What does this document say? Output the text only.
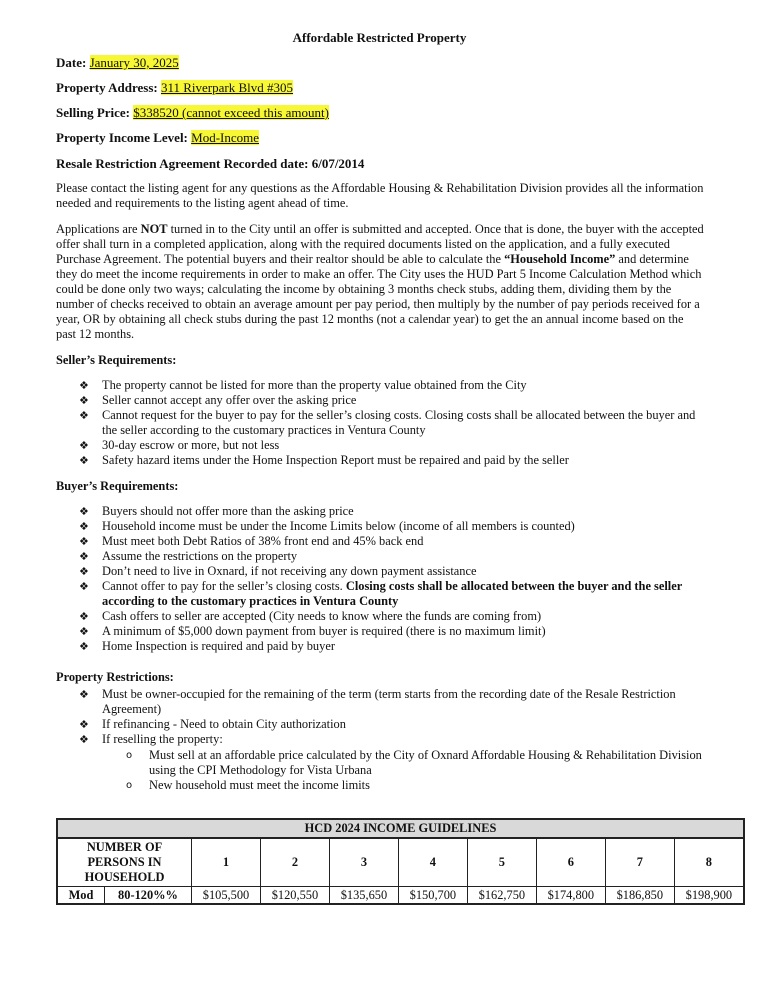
Affordable Restricted Property
Date: January 30, 2025
Property Address: 311 Riverpark Blvd #305
Selling Price: $338520 (cannot exceed this amount)
Property Income Level: Mod-Income
Resale Restriction Agreement Recorded date: 6/07/2014
Please contact the listing agent for any questions as the Affordable Housing & Rehabilitation Division provides all the information needed and requirements to the listing agent ahead of time.
Applications are NOT turned in to the City until an offer is submitted and accepted. Once that is done, the buyer with the accepted offer shall turn in a completed application, along with the required documents listed on the application, and a fully executed Purchase Agreement. The potential buyers and their realtor should be able to calculate the “Household Income” and determine they do meet the income requirements in order to make an offer. The City uses the HUD Part 5 Income Calculation Method which could be done only two ways; calculating the income by obtaining 3 months check stubs, adding them, dividing them by the number of checks received to obtain an average amount per pay period, then multiply by the number of pay periods received for a year, OR by obtaining all check stubs during the past 12 months (not a calendar year) to get the an annual income based on the past 12 months.
Seller’s Requirements:
❖ The property cannot be listed for more than the property value obtained from the City
❖ Seller cannot accept any offer over the asking price
❖ Cannot request for the buyer to pay for the seller’s closing costs. Closing costs shall be allocated between the buyer and the seller according to the customary practices in Ventura County
❖ 30-day escrow or more, but not less
❖ Safety hazard items under the Home Inspection Report must be repaired and paid by the seller
Buyer’s Requirements:
❖ Buyers should not offer more than the asking price
❖ Household income must be under the Income Limits below (income of all members is counted)
❖ Must meet both Debt Ratios of 38% front end and 45% back end
❖ Assume the restrictions on the property
❖ Don’t need to live in Oxnard, if not receiving any down payment assistance
❖ Cannot offer to pay for the seller’s closing costs. Closing costs shall be allocated between the buyer and the seller according to the customary practices in Ventura County
❖ Cash offers to seller are accepted (City needs to know where the funds are coming from)
❖ A minimum of $5,000 down payment from buyer is required (there is no maximum limit)
❖ Home Inspection is required and paid by buyer
Property Restrictions:
❖ Must be owner-occupied for the remaining of the term (term starts from the recording date of the Resale Restriction Agreement)
❖ If refinancing - Need to obtain City authorization
❖ If reselling the property:
o Must sell at an affordable price calculated by the City of Oxnard Affordable Housing & Rehabilitation Division using the CPI Methodology for Vista Urbana
o New household must meet the income limits
HCD 2024 INCOME GUIDELINES									
NUMBER OF PERSONS IN HOUSEHOLD		1	2	3	4	5	6	7	8
Mod	80-120%%	$105,500	$120,550	$135,650	$150,700	$162,750	$174,800	$186,850	$198,900
